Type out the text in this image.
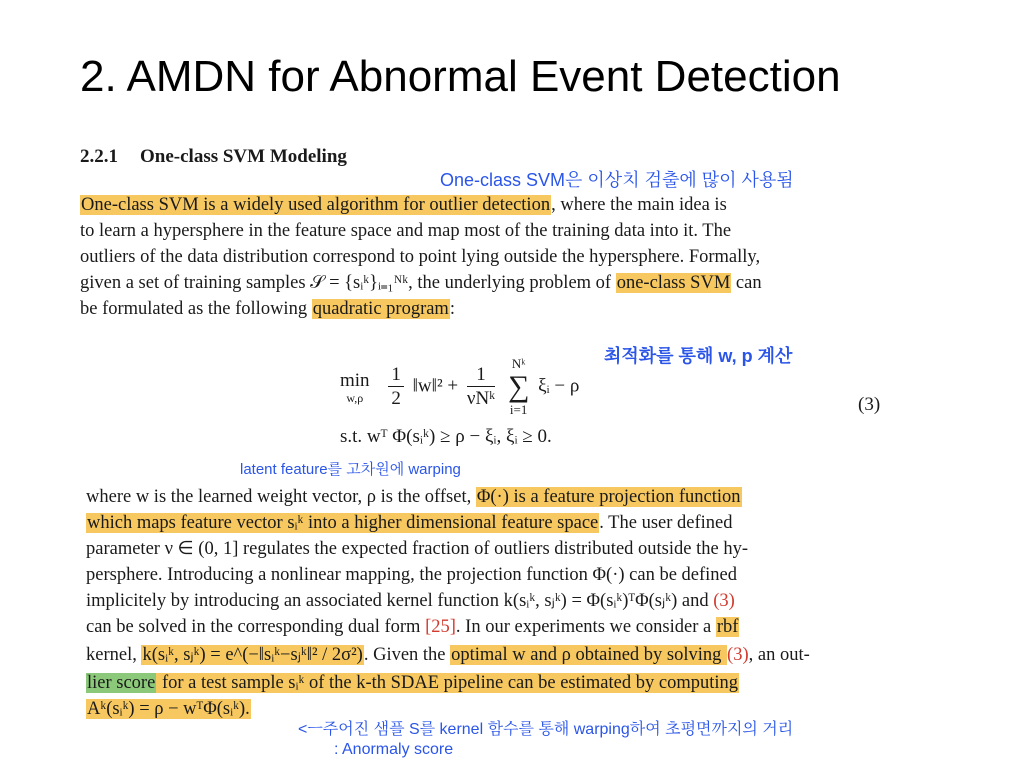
2. AMDN for Abnormal Event Detection
2.2.1 One-class SVM Modeling
One-class SVM은 이상치 검출에 많이 사용됨
One-class SVM is a widely used algorithm for outlier detection, where the main idea is
to learn a hypersphere in the feature space and map most of the training data into it. The
outliers of the data distribution correspond to point lying outside the hypersphere. Formally,
given a set of training samples 𝒮 = {sᵢᵏ}ᵢ₌₁ᴺᵏ, the underlying problem of one-class SVM can
be formulated as the following quadratic program:
최적화를 통해 w, p 계산
min
w,ρ
	$\frac{1}{2}$ ‖w‖² + $\frac{1}{\text{νNᵏ}}$ Nᵏ
∑
i=1 ξᵢ − ρ
(3)
s.t. wᵀ Φ(sᵢᵏ) ≥ ρ − ξᵢ, ξᵢ ≥ 0.
latent feature를 고차원에 warping
where w is the learned weight vector, ρ is the offset, Φ(·) is a feature projection function
which maps feature vector sᵢᵏ into a higher dimensional feature space. The user defined
parameter ν ∈ (0, 1] regulates the expected fraction of outliers distributed outside the hy-
persphere. Introducing a nonlinear mapping, the projection function Φ(·) can be defined
implicitely by introducing an associated kernel function k(sᵢᵏ, sⱼᵏ) = Φ(sᵢᵏ)ᵀΦ(sⱼᵏ) and (3)
can be solved in the corresponding dual form [25]. In our experiments we consider a rbf
kernel, k(sᵢᵏ, sⱼᵏ) = e^(−‖sᵢᵏ−sⱼᵏ‖² / 2σ²). Given the optimal w and ρ obtained by solving (3), an out-
lier score for a test sample sᵢᵏ of the k-th SDAE pipeline can be estimated by computing
Aᵏ(sᵢᵏ) = ρ − wᵀΦ(sᵢᵏ).
<ㅡ주어진 샘플 S를 kernel 함수를 통해 warping하여 초평면까지의 거리
: Anormaly score
